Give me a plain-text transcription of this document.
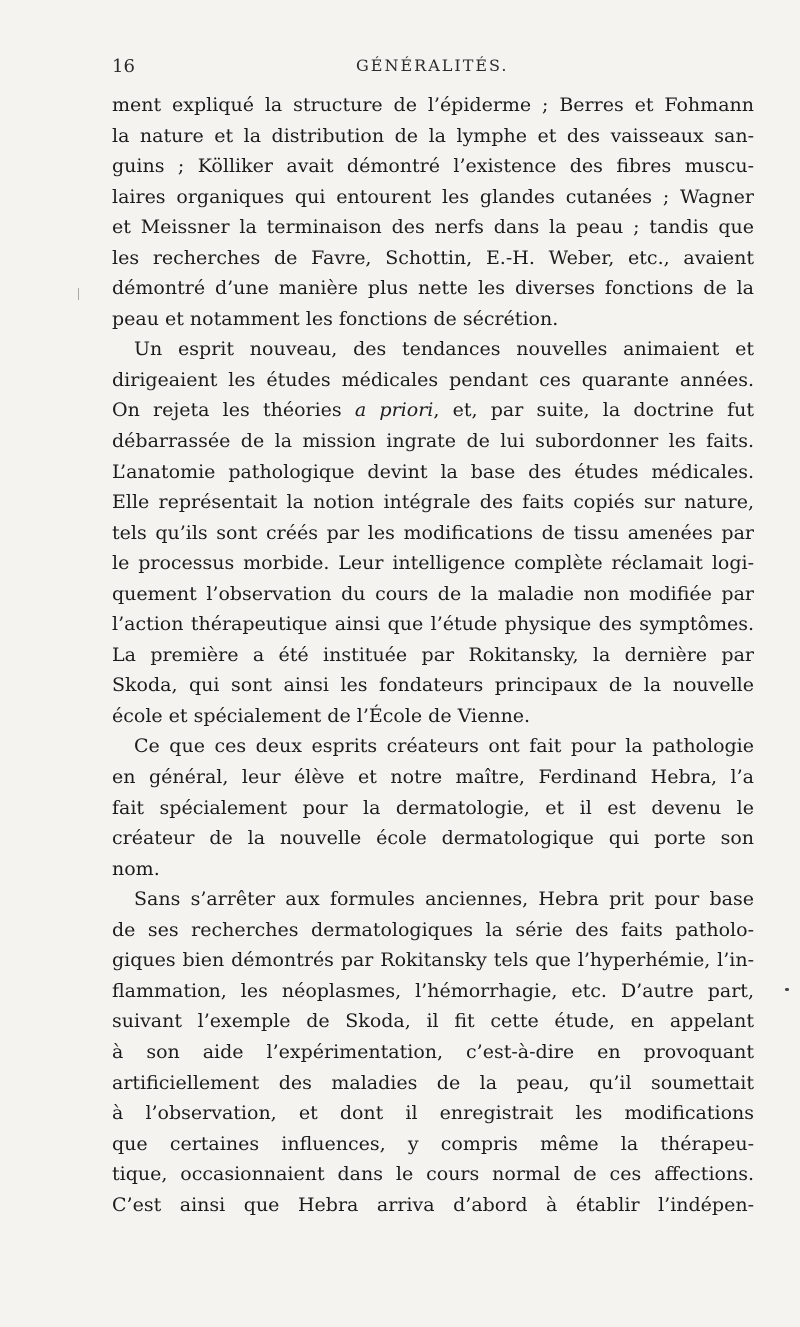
16	GÉNÉRALITÉS.
ment expliqué la structure de l’épiderme ; Berres et Fohmann
la nature et la distribution de la lymphe et des vaisseaux san-
guins ; Kölliker avait démontré l’existence des fibres muscu-
laires organiques qui entourent les glandes cutanées ; Wagner
et Meissner la terminaison des nerfs dans la peau ; tandis que
les recherches de Favre, Schottin, E.-H. Weber, etc., avaient
démontré d’une manière plus nette les diverses fonctions de la
peau et notamment les fonctions de sécrétion.
Un esprit nouveau, des tendances nouvelles animaient et
dirigeaient les études médicales pendant ces quarante années.
On rejeta les théories a priori, et, par suite, la doctrine fut
débarrassée de la mission ingrate de lui subordonner les faits.
L’anatomie pathologique devint la base des études médicales.
Elle représentait la notion intégrale des faits copiés sur nature,
tels qu’ils sont créés par les modifications de tissu amenées par
le processus morbide. Leur intelligence complète réclamait logi-
quement l’observation du cours de la maladie non modifiée par
l’action thérapeutique ainsi que l’étude physique des symptômes.
La première a été instituée par Rokitansky, la dernière par
Skoda, qui sont ainsi les fondateurs principaux de la nouvelle
école et spécialement de l’École de Vienne.
Ce que ces deux esprits créateurs ont fait pour la pathologie
en général, leur élève et notre maître, Ferdinand Hebra, l’a
fait spécialement pour la dermatologie, et il est devenu le
créateur de la nouvelle école dermatologique qui porte son
nom.
Sans s’arrêter aux formules anciennes, Hebra prit pour base
de ses recherches dermatologiques la série des faits patholo-
giques bien démontrés par Rokitansky tels que l’hyperhémie, l’in-
flammation, les néoplasmes, l’hémorrhagie, etc. D’autre part,
suivant l’exemple de Skoda, il fit cette étude, en appelant
à son aide l’expérimentation, c’est-à-dire en provoquant
artificiellement des maladies de la peau, qu’il soumettait
à l’observation, et dont il enregistrait les modifications
que certaines influences, y compris même la thérapeu-
tique, occasionnaient dans le cours normal de ces affections.
C’est ainsi que Hebra arriva d’abord à établir l’indépen-
